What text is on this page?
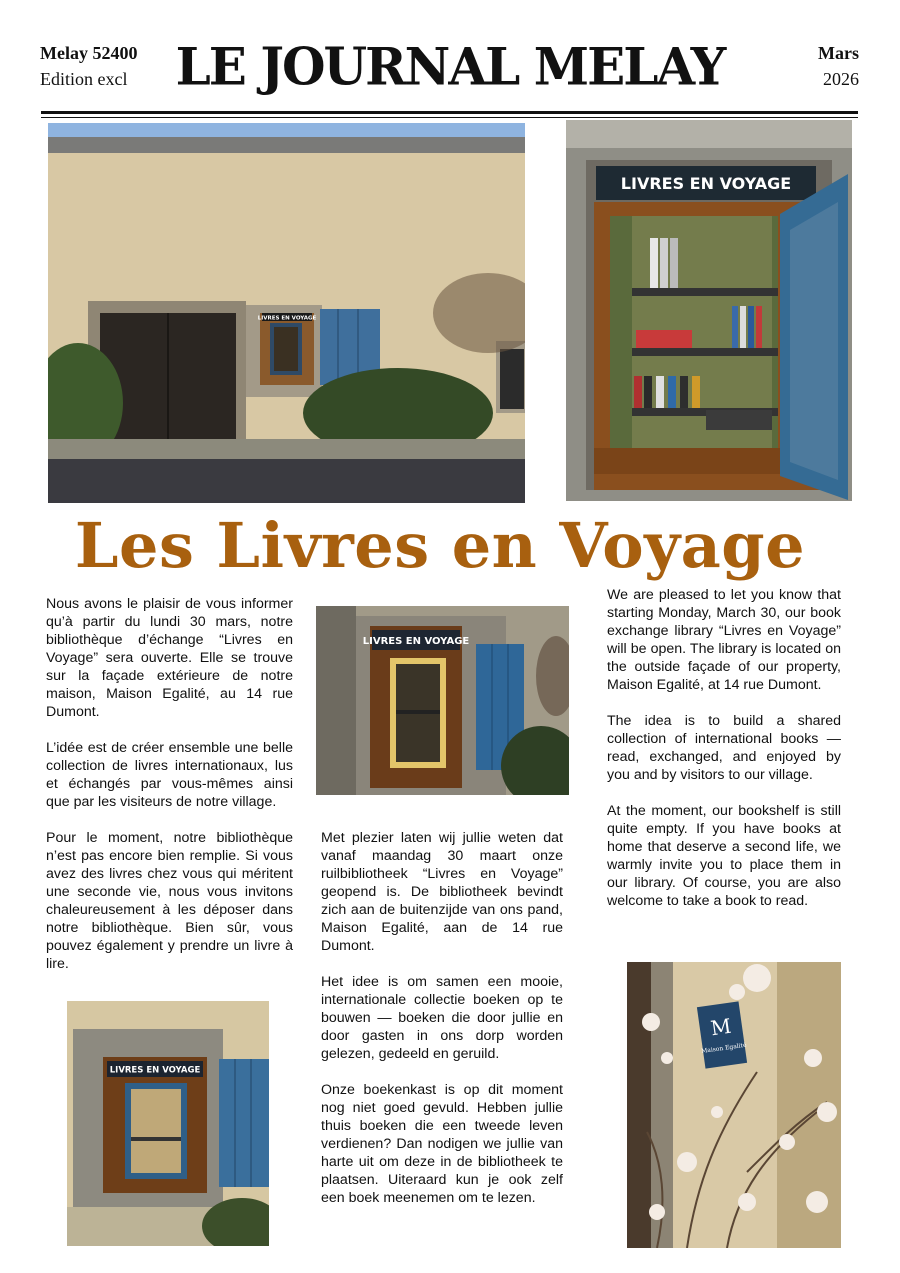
Melay 52400
Edition excl LE JOURNAL MELAY	Mars
2026
LIVRES EN VOYAGE
LIVRES EN VOYAGE
Les Livres en Voyage

Nous avons le plaisir de vous informer qu’à partir du lundi 30 mars, notre bibliothèque d’échange “Livres en Voyage” sera ouverte. Elle se trouve sur la façade extérieure de notre maison, Maison Egalité, au 14 rue Dumont.

L’idée est de créer ensemble une belle collection de livres internationaux, lus et échangés par vous-mêmes ainsi que par les visiteurs de notre village.

Pour le moment, notre bibliothèque n’est pas encore bien remplie. Si vous avez des livres chez vous qui méritent une seconde vie, nous vous invitons chaleureusement à les déposer dans notre bibliothèque. Bien sûr, vous pouvez également y prendre un livre à lire.

LIVRES EN VOYAGE

Met plezier laten wij jullie weten dat vanaf maandag 30 maart onze ruilbibliotheek “Livres en Voyage” geopend is. De bibliotheek bevindt zich aan de buitenzijde van ons pand, Maison Egalité, aan de 14 rue Dumont.

Het idee is om samen een mooie, internationale collectie boeken op te bouwen — boeken die door jullie en door gasten in ons dorp worden gelezen, gedeeld en geruild.

Onze boekenkast is op dit moment nog niet goed gevuld. Hebben jullie thuis boeken die een tweede leven verdienen? Dan nodigen we jullie van harte uit om deze in de bibliotheek te plaatsen. Uiteraard kun je ook zelf een boek meenemen om te lezen.

We are pleased to let you know that starting Monday, March 30, our book exchange library “Livres en Voyage” will be open. The library is located on the outside façade of our property, Maison Egalité, at 14 rue Dumont.

The idea is to build a shared collection of international books — read, exchanged, and enjoyed by you and by visitors to our village.

At the moment, our bookshelf is still quite empty. If you have books at home that deserve a second life, we warmly invite you to place them in our library. Of course, you are also welcome to take a book to read.

LIVRES EN VOYAGE
M
Maison Egalité
